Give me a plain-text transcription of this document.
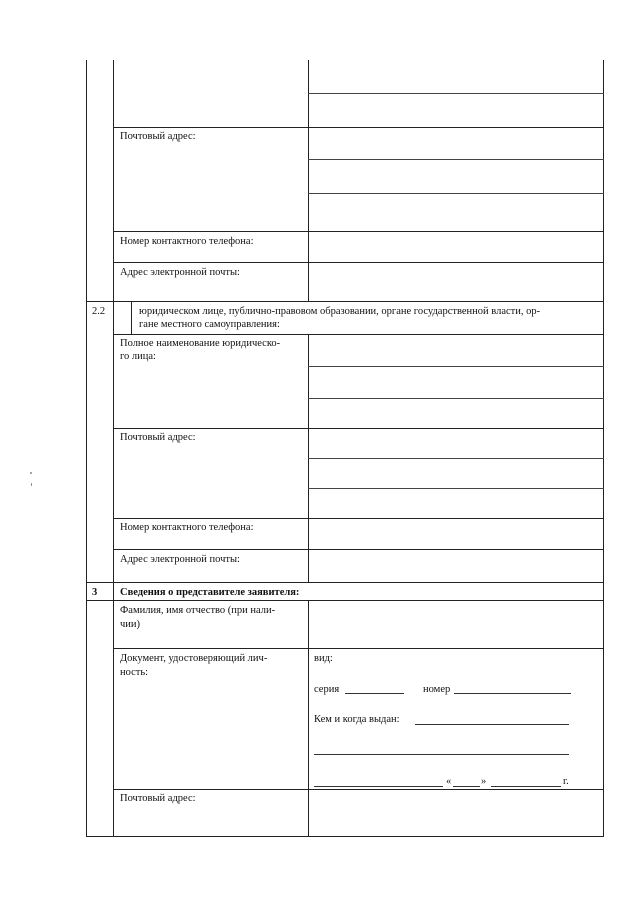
Почтовый адрес:
Номер контактного телефона:
Адрес электронной почты:
2.2	юридическом лице, публично-правовом образовании, органе государственной власти, ор-
гане местного самоуправления:
Полное наименование юридическо-
го лица:
Почтовый адрес:
Номер контактного телефона:
Адрес электронной почты:
3 Сведения о представителе заявителя:
Фамилия, имя отчество (при нали-
чии)
Документ, удостоверяющий лич-
ность:
вид:
серия	номер
Кем и когда выдан:
«	»	г.
Почтовый адрес:
